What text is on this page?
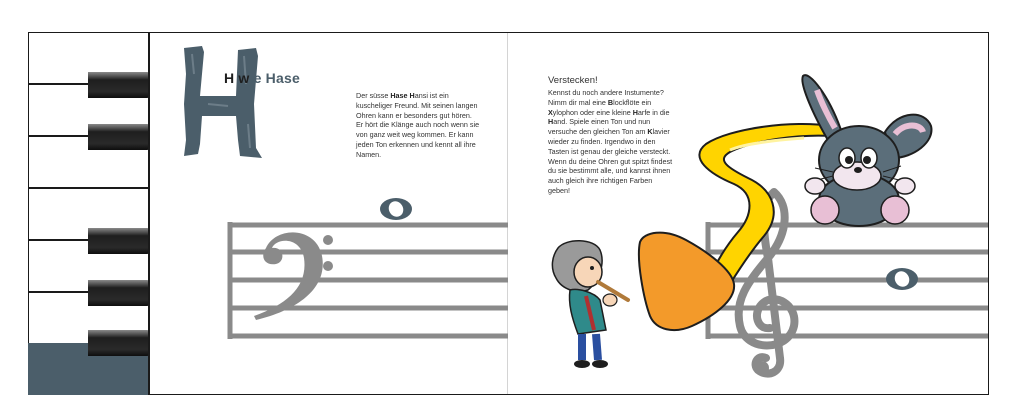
H wie Hase
Der süsse Hase Hansi ist ein kuscheliger Freund. Mit seinen langen Ohren kann er besonders gut hören. Er hört die Klänge auch noch wenn sie von ganz weit weg kommen. Er kann jeden Ton erkennen und kennt all ihre Namen.
Verstecken!
Kennst du noch andere Instumente? Nimm dir mal eine Blockflöte ein Xylophon oder eine kleine Harfe in die Hand. Spiele einen Ton und nun versuche den gleichen Ton am Klavier wieder zu finden. Irgendwo in den Tasten ist genau der gleiche versteckt. Wenn du deine Ohren gut spitzt findest du sie bestimmt alle, und kannst ihnen auch gleich ihre richtigen Farben geben!
